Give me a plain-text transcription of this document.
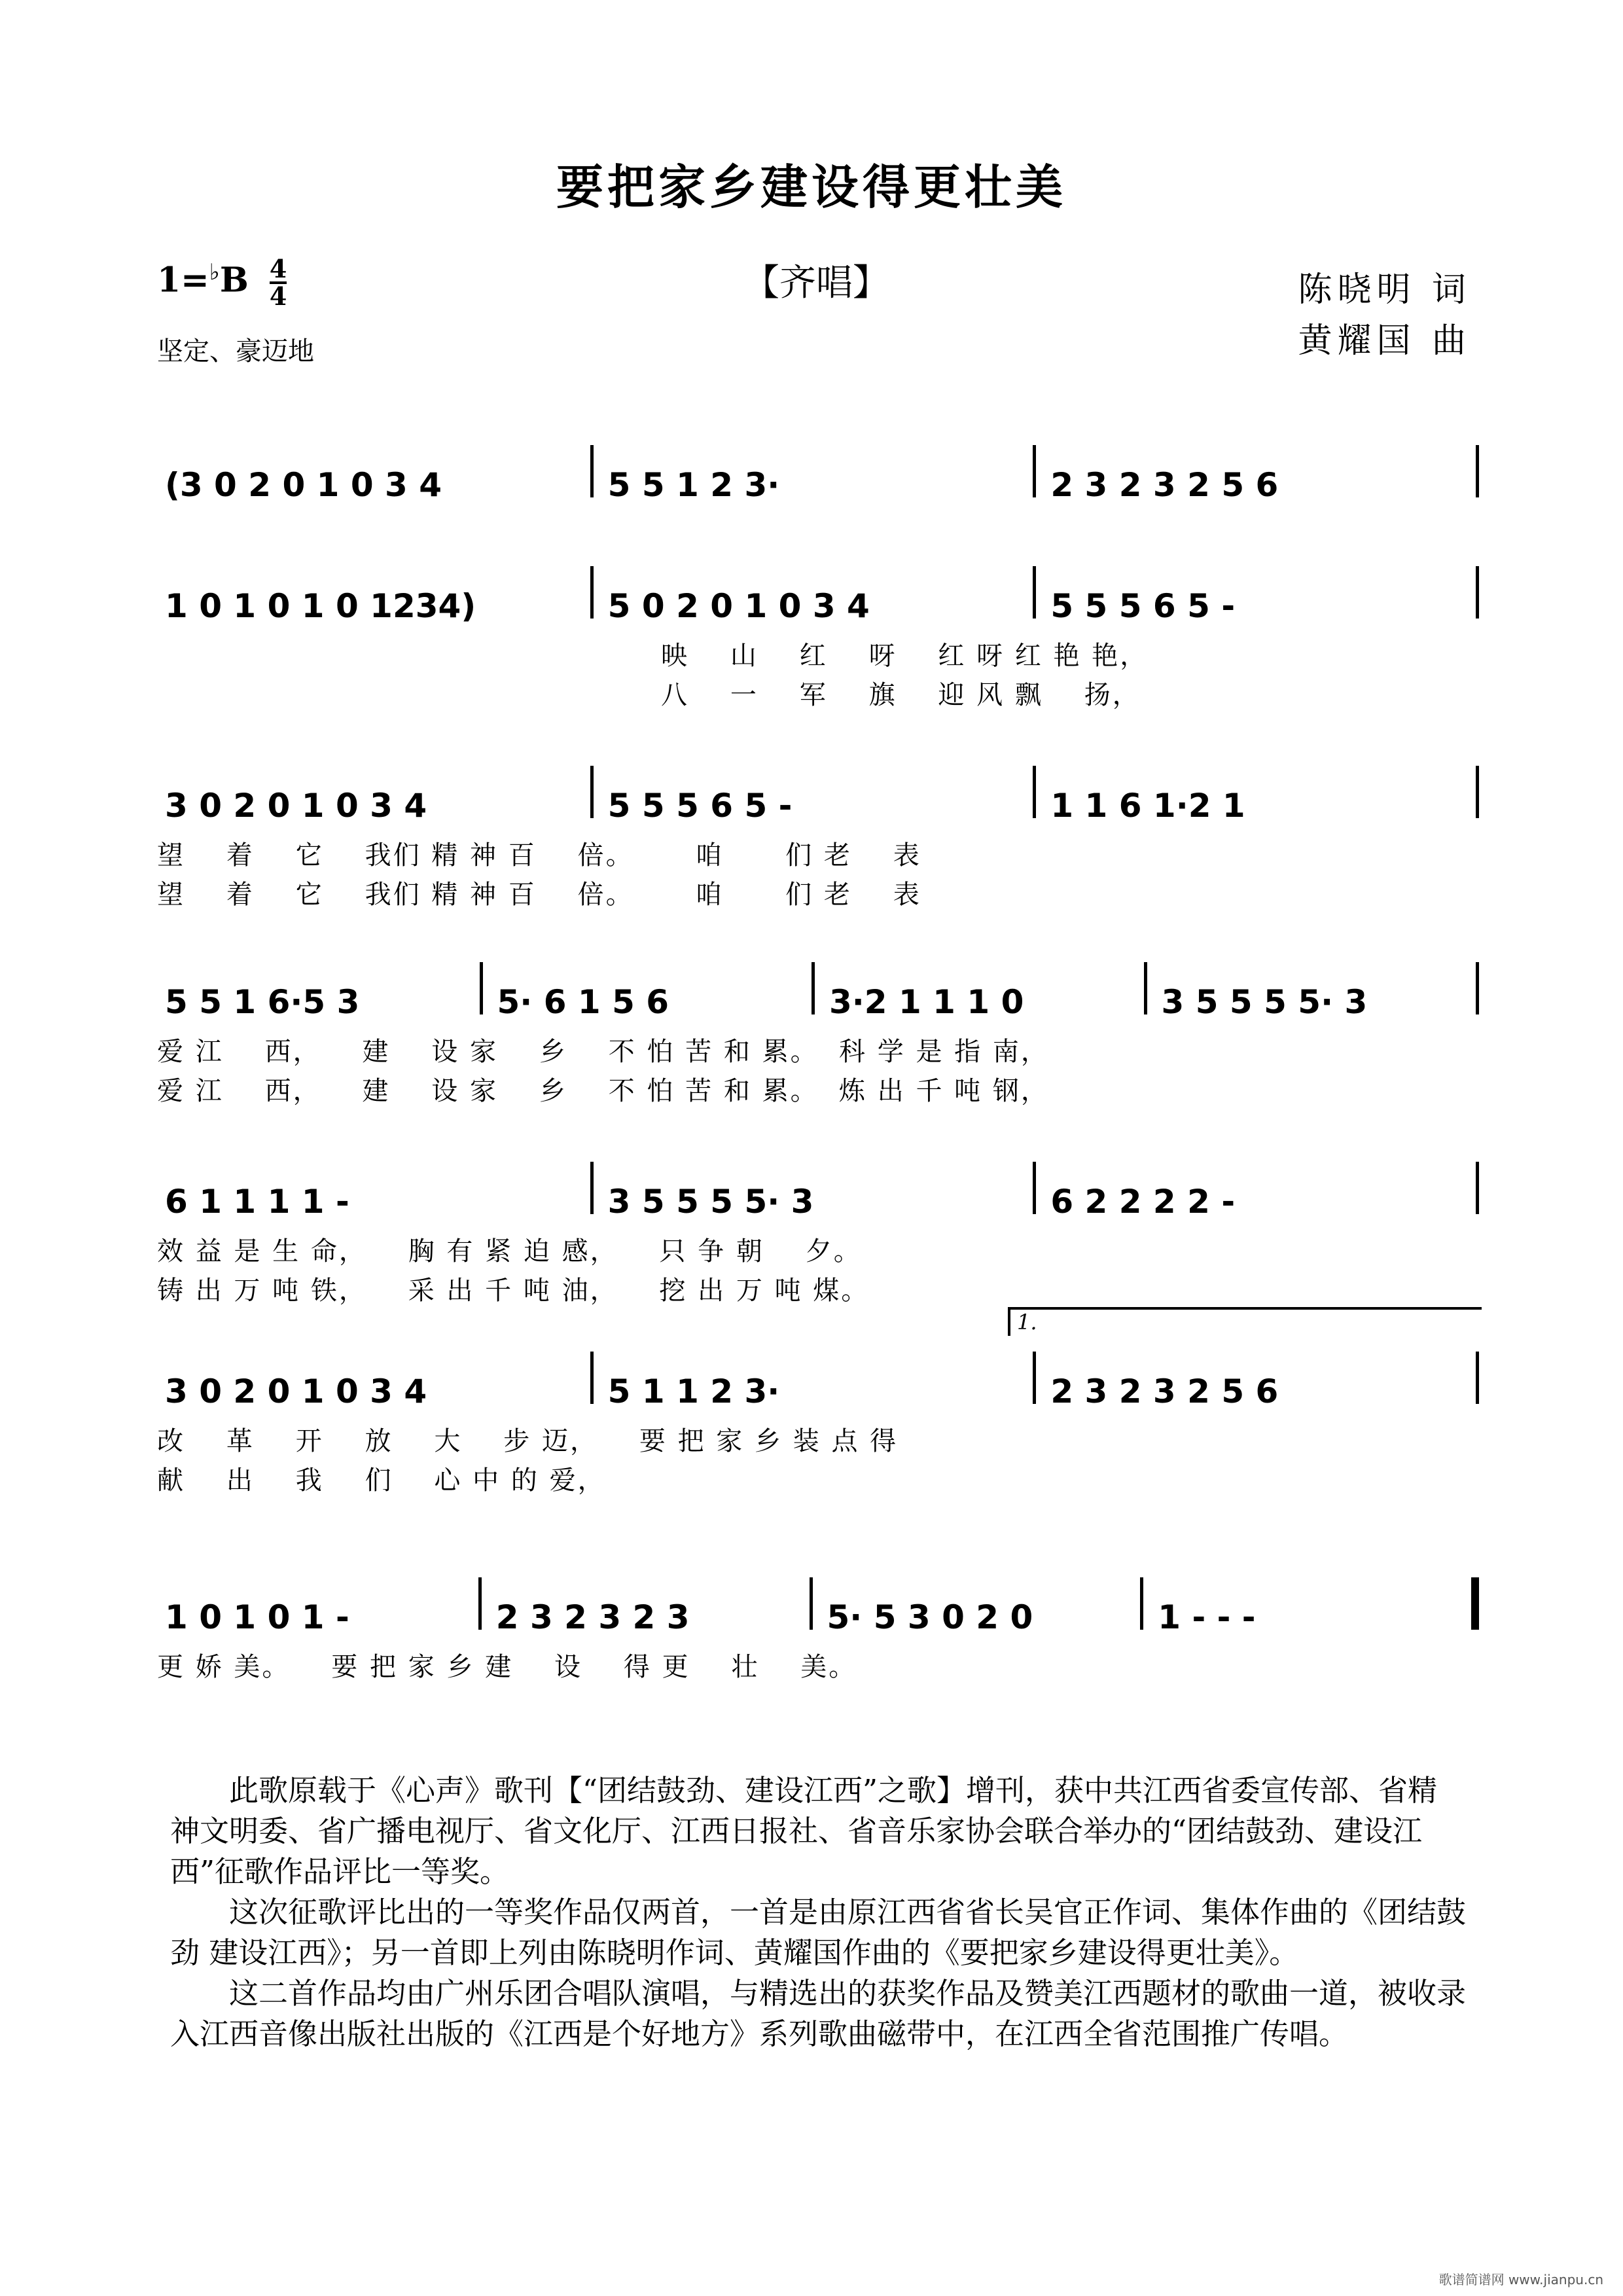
要把家乡建设得更壮美
$1=^♭B \frac{4}{4}$
坚定、豪迈地
【齐唱】	陈晓明 词
黄耀国 曲
(3 0 2 0 1 0 3 4	5 5 1 2 3·	2 3 2 3 2 5 6
1 0 1 0 1 0 1234)	5 0 2 0 1 0 3 4	5 5 5 6 5 -
映    山    红    呀    红 呀 红 艳 艳，
八    一    军    旗    迎 风 飘    扬，
3 0 2 0 1 0 3 4	5 5 5 6 5 -	1 1 6 1·2 1
望    着    它    我们 精 神 百    倍。      咱      们 老    表
望    着    它    我们 精 神 百    倍。      咱      们 老    表
5 5 1 6·5 3	5· 6 1 5 6	3·2 1 1 1 0	3 5 5 5 5· 3
爱 江    西，    建    设 家    乡    不 怕 苦 和 累。  科 学 是 指 南，
爱 江    西，    建    设 家    乡    不 怕 苦 和 累。  炼 出 千 吨 钢，
6 1 1 1 1 -	3 5 5 5 5· 3	6 2 2 2 2 -
效 益 是 生 命，    胸 有 紧 迫 感，    只 争 朝    夕。
铸 出 万 吨 铁，    采 出 千 吨 油，    挖 出 万 吨 煤。
3 0 2 0 1 0 3 4	5 1 1 2 3·	2 3 2 3 2 5 6
1.
改    革    开    放    大    步 迈，    要 把 家 乡 装 点 得
献    出    我    们    心 中 的 爱，
1 0 1 0 1 -	2 3 2 3 2 3	5· 5 3 0 2 0	1 - - -
更 娇 美。    要 把 家 乡 建    设    得 更    壮    美。

此歌原载于《心声》歌刊【“团结鼓劲、建设江西”之歌】增刊，获中共江西省委宣传部、省精神文明委、省广播电视厅、省文化厅、江西日报社、省音乐家协会联合举办的“团结鼓劲、建设江西”征歌作品评比一等奖。

这次征歌评比出的一等奖作品仅两首，一首是由原江西省省长吴官正作词、集体作曲的《团结鼓劲 建设江西》；另一首即上列由陈晓明作词、黄耀国作曲的《要把家乡建设得更壮美》。

这二首作品均由广州乐团合唱队演唱，与精选出的获奖作品及赞美江西题材的歌曲一道，被收录入江西音像出版社出版的《江西是个好地方》系列歌曲磁带中，在江西全省范围推广传唱。

歌谱简谱网 www.jianpu.cn
